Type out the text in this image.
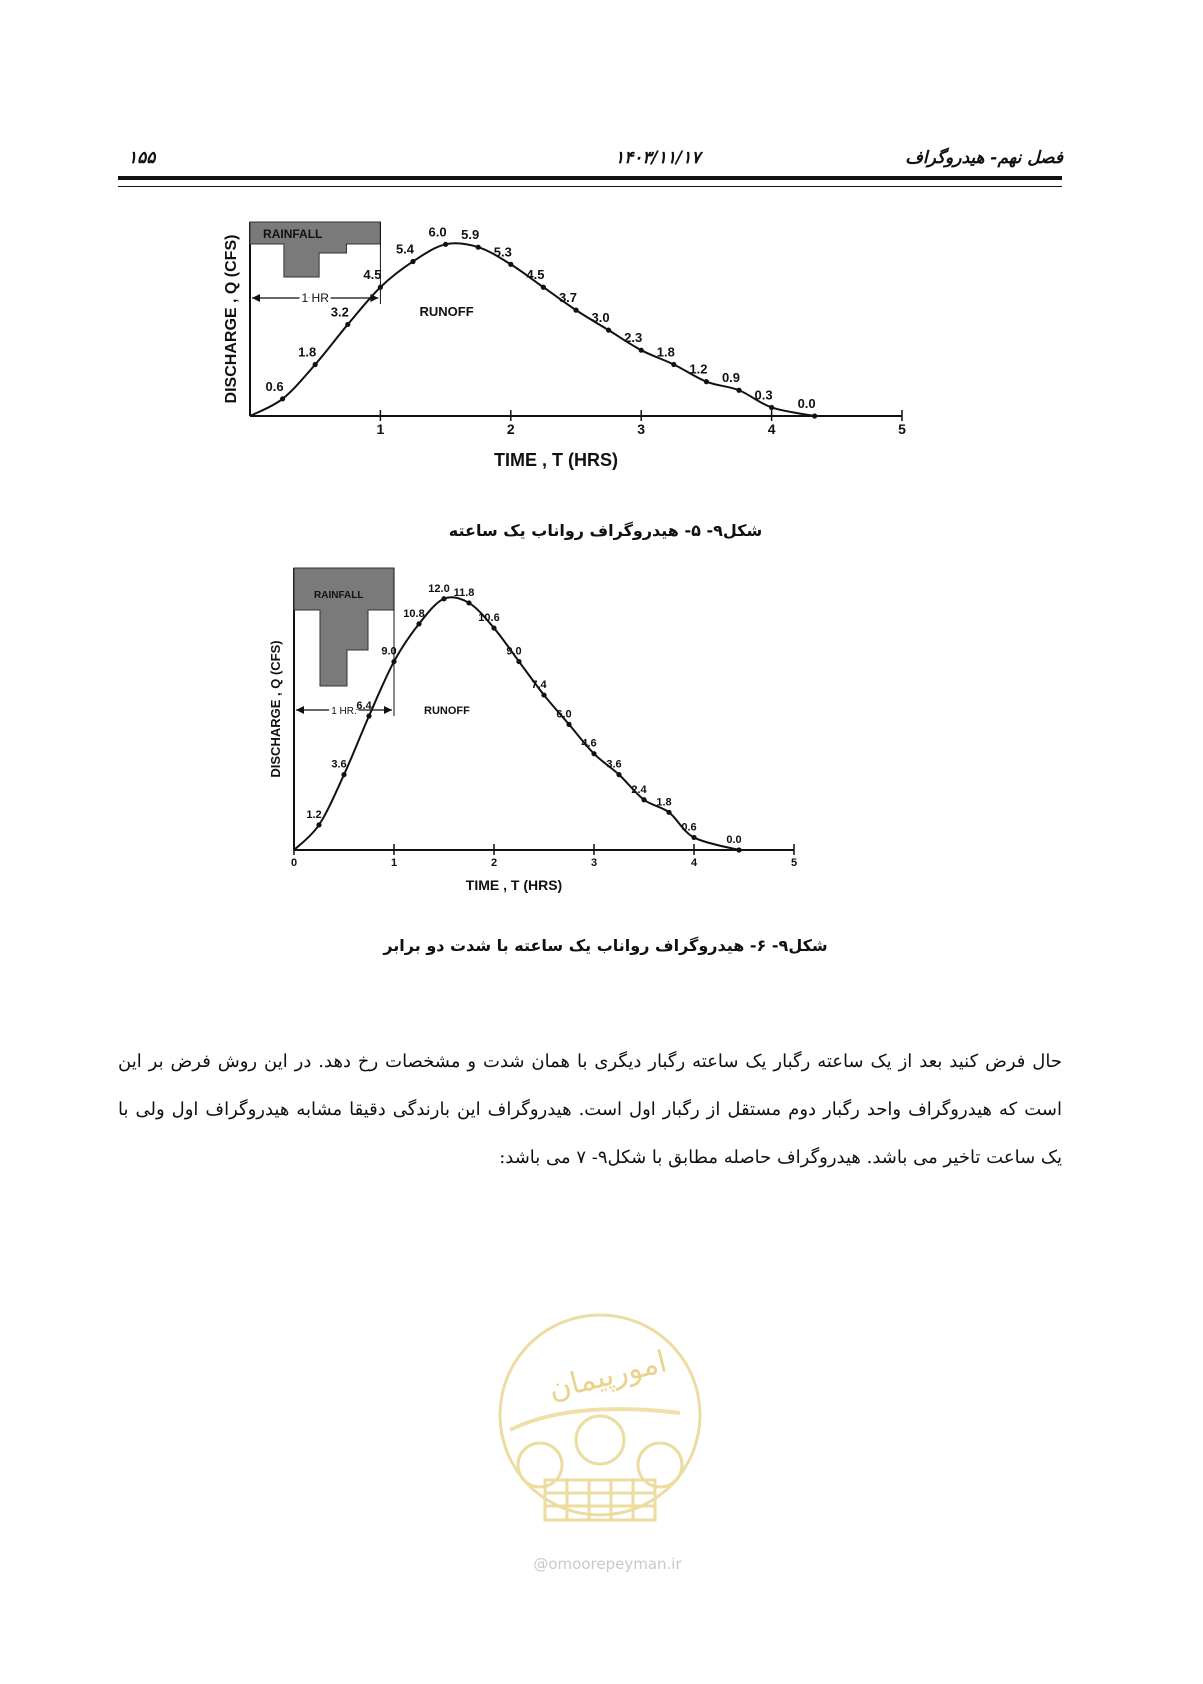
۱۵۵	۱۴۰۳/۱۱/۱۷	فصل نهم- هیدروگراف
1	2	3	4	5
RAINFALL
1 HR
0.6
1.8
3.2
4.5
5.4
6.0 5.9
5.3
4.5
3.7
3.0
2.3
1.8
1.2
0.9
0.3
0.0
RUNOFF
TIME , T (HRS)
DISCHARGE , Q (CFS)
شکل۹- ۵- هیدروگراف رواناب یک ساعته
0	1	2	3	4	5
RAINFALL
1 HR.
1.2
3.6
6.4
9.0
10.8
12.0 11.8
10.6
9.0
7.4
6.0
4.6
3.6
2.4
1.8
0.6
0.0
RUNOFF
TIME , T (HRS)
DISCHARGE , Q (CFS)
شکل۹- ۶- هیدروگراف رواناب یک ساعته با شدت دو برابر
حال فرض کنید بعد از یک ساعته رگبار یک ساعته رگبار دیگری با همان شدت و مشخصات رخ دهد. در این روش فرض بر این است که هیدروگراف واحد رگبار دوم مستقل از رگبار اول است. هیدروگراف این بارندگی دقیقا مشابه هیدروگراف اول ولی با یک ساعت تاخیر می باشد. هیدروگراف حاصله مطابق با شکل۹- ۷ می باشد:
امورپیمان
@omoorepeyman.ir
